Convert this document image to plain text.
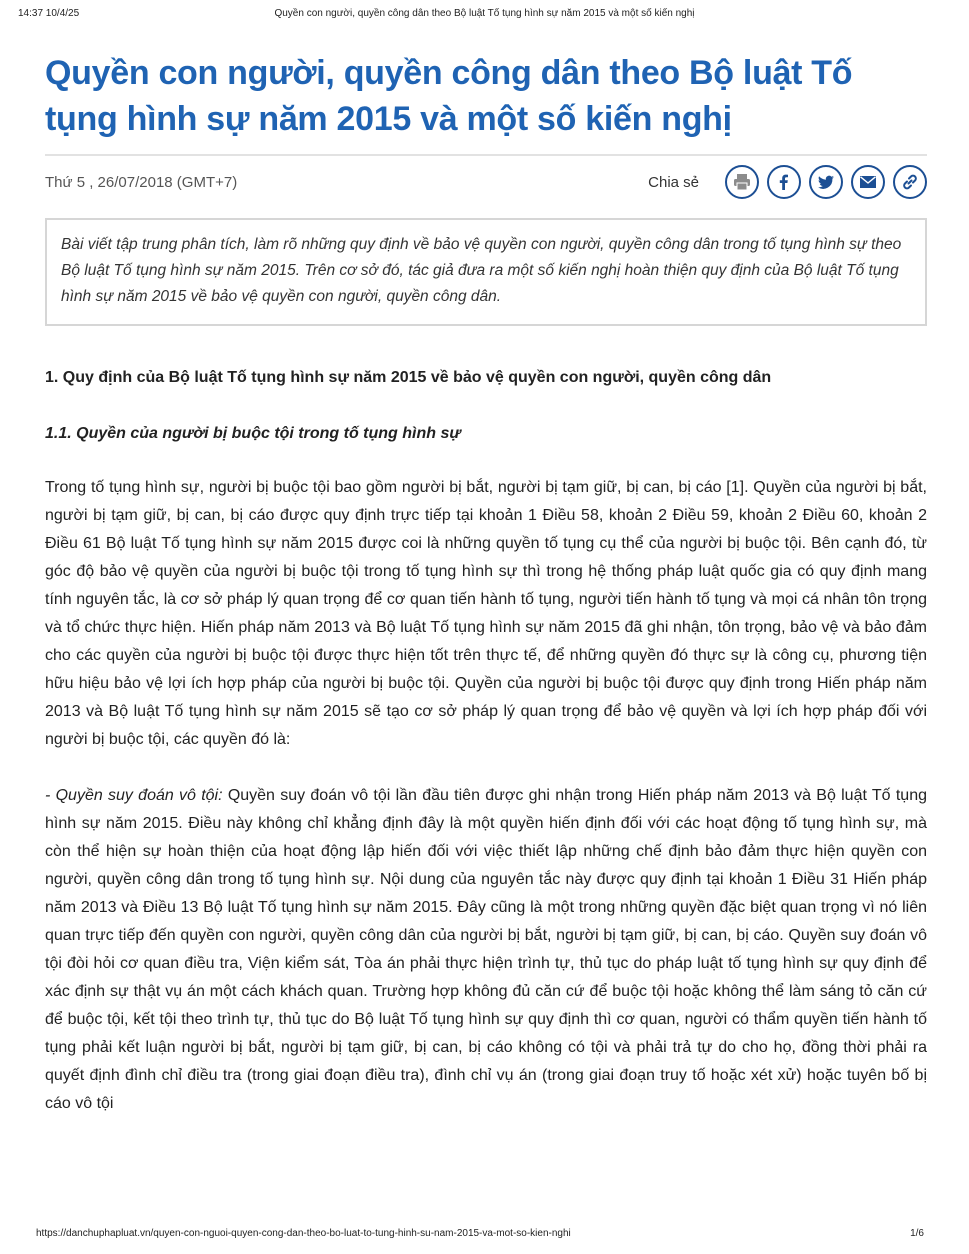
14:37 10/4/25	Quyền con người, quyền công dân theo Bộ luật Tố tụng hình sự năm 2015 và một số kiến nghị
Quyền con người, quyền công dân theo Bộ luật Tố tụng hình sự năm 2015 và một số kiến nghị
Thứ 5 , 26/07/2018 (GMT+7)	Chia sẻ
Bài viết tập trung phân tích, làm rõ những quy định về bảo vệ quyền con người, quyền công dân trong tố tụng hình sự theo Bộ luật Tố tụng hình sự năm 2015. Trên cơ sở đó, tác giả đưa ra một số kiến nghị hoàn thiện quy định của Bộ luật Tố tụng hình sự năm 2015 về bảo vệ quyền con người, quyền công dân.
1. Quy định của Bộ luật Tố tụng hình sự năm 2015 về bảo vệ quyền con người, quyền công dân
1.1. Quyền của người bị buộc tội trong tố tụng hình sự
Trong tố tụng hình sự, người bị buộc tội bao gồm người bị bắt, người bị tạm giữ, bị can, bị cáo [1]. Quyền của người bị bắt, người bị tạm giữ, bị can, bị cáo được quy định trực tiếp tại khoản 1 Điều 58, khoản 2 Điều 59, khoản 2 Điều 60, khoản 2 Điều 61 Bộ luật Tố tụng hình sự năm 2015 được coi là những quyền tố tụng cụ thể của người bị buộc tội. Bên cạnh đó, từ góc độ bảo vệ quyền của người bị buộc tội trong tố tụng hình sự thì trong hệ thống pháp luật quốc gia có quy định mang tính nguyên tắc, là cơ sở pháp lý quan trọng để cơ quan tiến hành tố tụng, người tiến hành tố tụng và mọi cá nhân tôn trọng và tổ chức thực hiện. Hiến pháp năm 2013 và Bộ luật Tố tụng hình sự năm 2015 đã ghi nhận, tôn trọng, bảo vệ và bảo đảm cho các quyền của người bị buộc tội được thực hiện tốt trên thực tế, để những quyền đó thực sự là công cụ, phương tiện hữu hiệu bảo vệ lợi ích hợp pháp của người bị buộc tội. Quyền của người bị buộc tội được quy định trong Hiến pháp năm 2013 và Bộ luật Tố tụng hình sự năm 2015 sẽ tạo cơ sở pháp lý quan trọng để bảo vệ quyền và lợi ích hợp pháp đối với người bị buộc tội, các quyền đó là:
- Quyền suy đoán vô tội: Quyền suy đoán vô tội lần đầu tiên được ghi nhận trong Hiến pháp năm 2013 và Bộ luật Tố tụng hình sự năm 2015. Điều này không chỉ khẳng định đây là một quyền hiến định đối với các hoạt động tố tụng hình sự, mà còn thể hiện sự hoàn thiện của hoạt động lập hiến đối với việc thiết lập những chế định bảo đảm thực hiện quyền con người, quyền công dân trong tố tụng hình sự. Nội dung của nguyên tắc này được quy định tại khoản 1 Điều 31 Hiến pháp năm 2013 và Điều 13 Bộ luật Tố tụng hình sự năm 2015. Đây cũng là một trong những quyền đặc biệt quan trọng vì nó liên quan trực tiếp đến quyền con người, quyền công dân của người bị bắt, người bị tạm giữ, bị can, bị cáo. Quyền suy đoán vô tội đòi hỏi cơ quan điều tra, Viện kiểm sát, Tòa án phải thực hiện trình tự, thủ tục do pháp luật tố tụng hình sự quy định để xác định sự thật vụ án một cách khách quan. Trường hợp không đủ căn cứ để buộc tội hoặc không thể làm sáng tỏ căn cứ để buộc tội, kết tội theo trình tự, thủ tục do Bộ luật Tố tụng hình sự quy định thì cơ quan, người có thẩm quyền tiến hành tố tụng phải kết luận người bị bắt, người bị tạm giữ, bị can, bị cáo không có tội và phải trả tự do cho họ, đồng thời phải ra quyết định đình chỉ điều tra (trong giai đoạn điều tra), đình chỉ vụ án (trong giai đoạn truy tố hoặc xét xử) hoặc tuyên bố bị cáo vô tội
https://danchuphapluat.vn/quyen-con-nguoi-quyen-cong-dan-theo-bo-luat-to-tung-hinh-su-nam-2015-va-mot-so-kien-nghi	1/6
